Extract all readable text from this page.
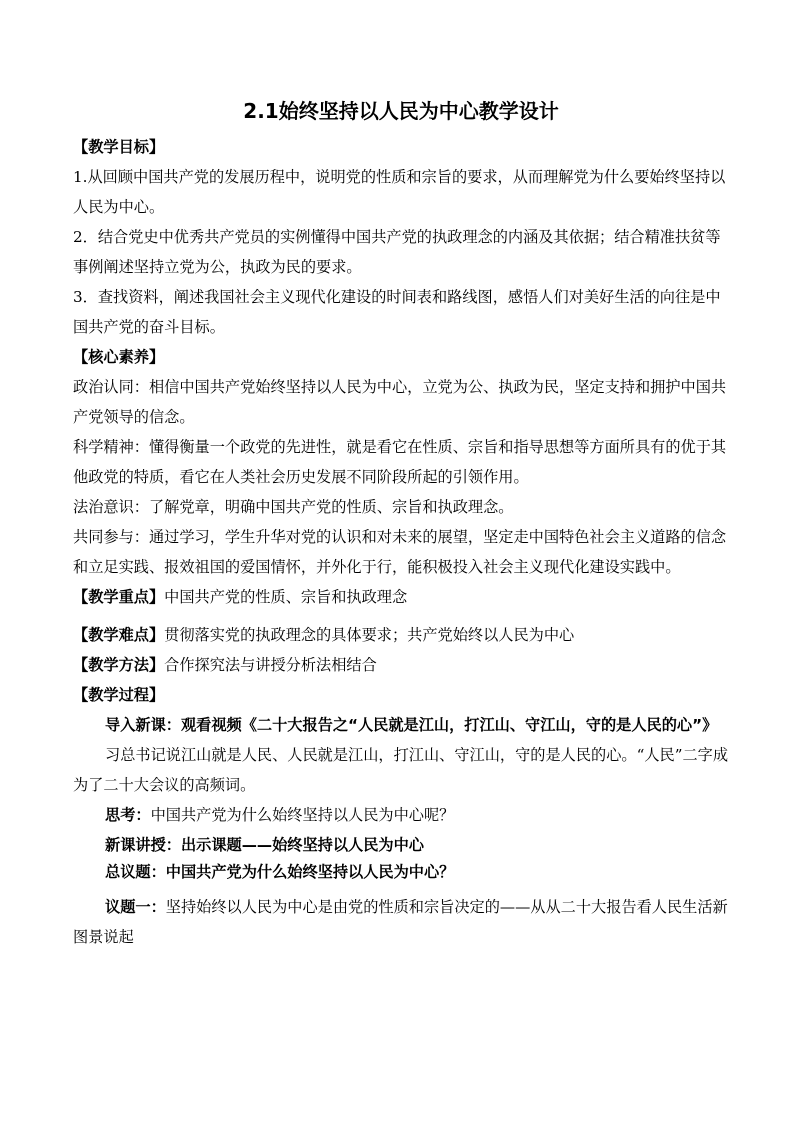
2.1始终坚持以人民为中心教学设计

【教学目标】

1.从回顾中国共产党的发展历程中，说明党的性质和宗旨的要求，从而理解党为什么要始终坚持以人民为中心。

2．结合党史中优秀共产党员的实例懂得中国共产党的执政理念的内涵及其依据；结合精准扶贫等事例阐述坚持立党为公，执政为民的要求。

3．查找资料，阐述我国社会主义现代化建设的时间表和路线图，感悟人们对美好生活的向往是中国共产党的奋斗目标。

【核心素养】

政治认同：相信中国共产党始终坚持以人民为中心，立党为公、执政为民，坚定支持和拥护中国共产党领导的信念。

科学精神：懂得衡量一个政党的先进性，就是看它在性质、宗旨和指导思想等方面所具有的优于其他政党的特质，看它在人类社会历史发展不同阶段所起的引领作用。

法治意识：了解党章，明确中国共产党的性质、宗旨和执政理念。

共同参与：通过学习，学生升华对党的认识和对未来的展望，坚定走中国特色社会主义道路的信念和立足实践、报效祖国的爱国情怀，并外化于行，能积极投入社会主义现代化建设实践中。

【教学重点】中国共产党的性质、宗旨和执政理念

【教学难点】贯彻落实党的执政理念的具体要求；共产党始终以人民为中心

【教学方法】合作探究法与讲授分析法相结合

【教学过程】

导入新课：观看视频《二十大报告之“人民就是江山，打江山、守江山，守的是人民的心”》

习总书记说江山就是人民、人民就是江山，打江山、守江山，守的是人民的心。“人民”二字成为了二十大会议的高频词。

思考：中国共产党为什么始终坚持以人民为中心呢？

新课讲授：出示课题——始终坚持以人民为中心

总议题：中国共产党为什么始终坚持以人民为中心？

议题一：坚持始终以人民为中心是由党的性质和宗旨决定的——从从二十大报告看人民生活新图景说起
